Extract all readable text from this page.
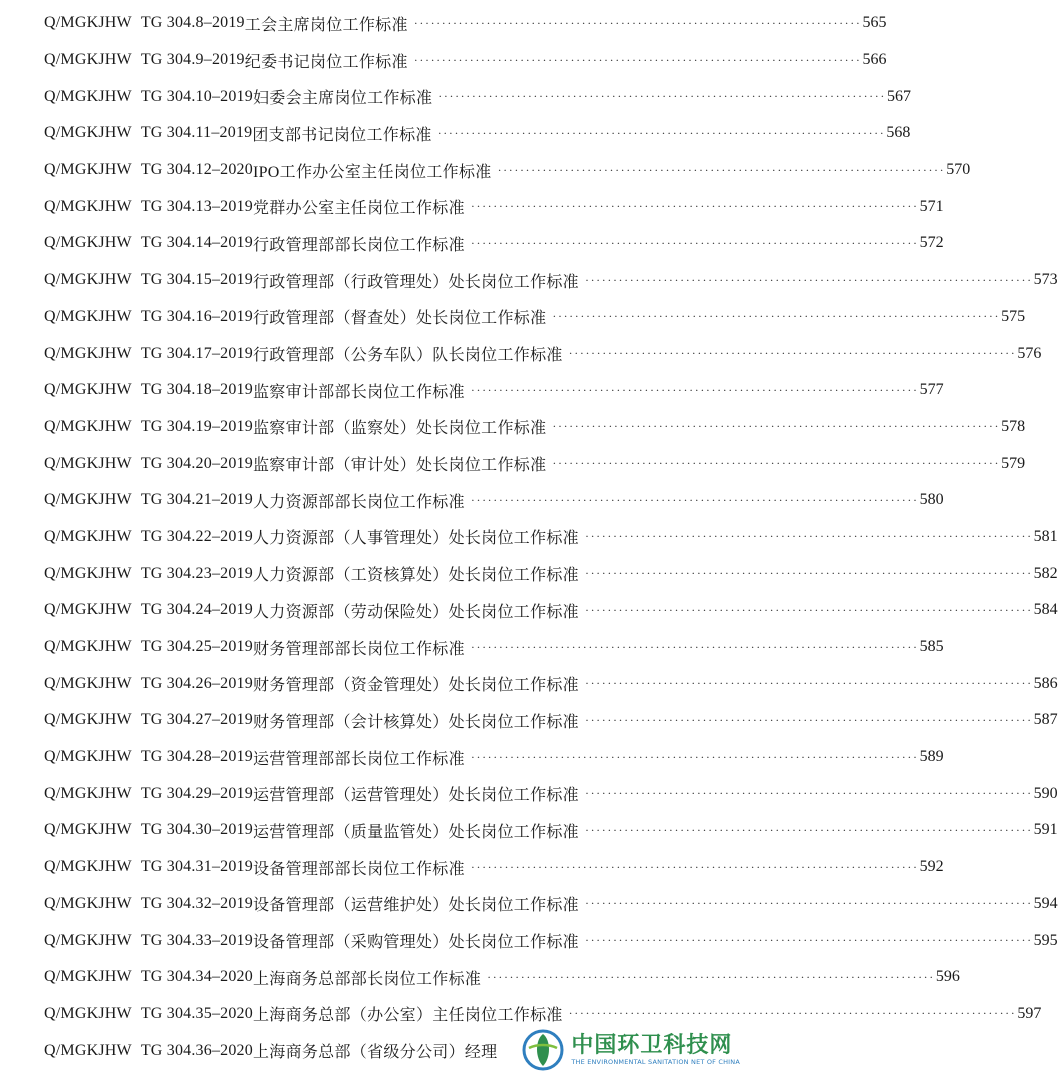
Q/MGKJHW TG 304.8–2019 工会主席岗位工作标准 ················································································ 565
Q/MGKJHW TG 304.9–2019 纪委书记岗位工作标准 ················································································ 566
Q/MGKJHW TG 304.10–2019 妇委会主席岗位工作标准 ················································································ 567
Q/MGKJHW TG 304.11–2019 团支部书记岗位工作标准 ················································································ 568
Q/MGKJHW TG 304.12–2020 IPO工作办公室主任岗位工作标准 ················································································ 570
Q/MGKJHW TG 304.13–2019 党群办公室主任岗位工作标准 ················································································ 571
Q/MGKJHW TG 304.14–2019 行政管理部部长岗位工作标准 ················································································ 572
Q/MGKJHW TG 304.15–2019 行政管理部（行政管理处）处长岗位工作标准 ················································································ 573
Q/MGKJHW TG 304.16–2019 行政管理部（督查处）处长岗位工作标准 ················································································ 575
Q/MGKJHW TG 304.17–2019 行政管理部（公务车队）队长岗位工作标准 ················································································ 576
Q/MGKJHW TG 304.18–2019 监察审计部部长岗位工作标准 ················································································ 577
Q/MGKJHW TG 304.19–2019 监察审计部（监察处）处长岗位工作标准 ················································································ 578
Q/MGKJHW TG 304.20–2019 监察审计部（审计处）处长岗位工作标准 ················································································ 579
Q/MGKJHW TG 304.21–2019 人力资源部部长岗位工作标准 ················································································ 580
Q/MGKJHW TG 304.22–2019 人力资源部（人事管理处）处长岗位工作标准 ················································································ 581
Q/MGKJHW TG 304.23–2019 人力资源部（工资核算处）处长岗位工作标准 ················································································ 582
Q/MGKJHW TG 304.24–2019 人力资源部（劳动保险处）处长岗位工作标准 ················································································ 584
Q/MGKJHW TG 304.25–2019 财务管理部部长岗位工作标准 ················································································ 585
Q/MGKJHW TG 304.26–2019 财务管理部（资金管理处）处长岗位工作标准 ················································································ 586
Q/MGKJHW TG 304.27–2019 财务管理部（会计核算处）处长岗位工作标准 ················································································ 587
Q/MGKJHW TG 304.28–2019 运营管理部部长岗位工作标准 ················································································ 589
Q/MGKJHW TG 304.29–2019 运营管理部（运营管理处）处长岗位工作标准 ················································································ 590
Q/MGKJHW TG 304.30–2019 运营管理部（质量监管处）处长岗位工作标准 ················································································ 591
Q/MGKJHW TG 304.31–2019 设备管理部部长岗位工作标准 ················································································ 592
Q/MGKJHW TG 304.32–2019 设备管理部（运营维护处）处长岗位工作标准 ················································································ 594
Q/MGKJHW TG 304.33–2019 设备管理部（采购管理处）处长岗位工作标准 ················································································ 595
Q/MGKJHW TG 304.34–2020 上海商务总部部长岗位工作标准 ················································································ 596
Q/MGKJHW TG 304.35–2020 上海商务总部（办公室）主任岗位工作标准 ················································································ 597
Q/MGKJHW TG 304.36–2020 上海商务总部（省级分公司）经理	中国环卫科技网
THE ENVIRONMENTAL SANITATION NET OF CHINA
